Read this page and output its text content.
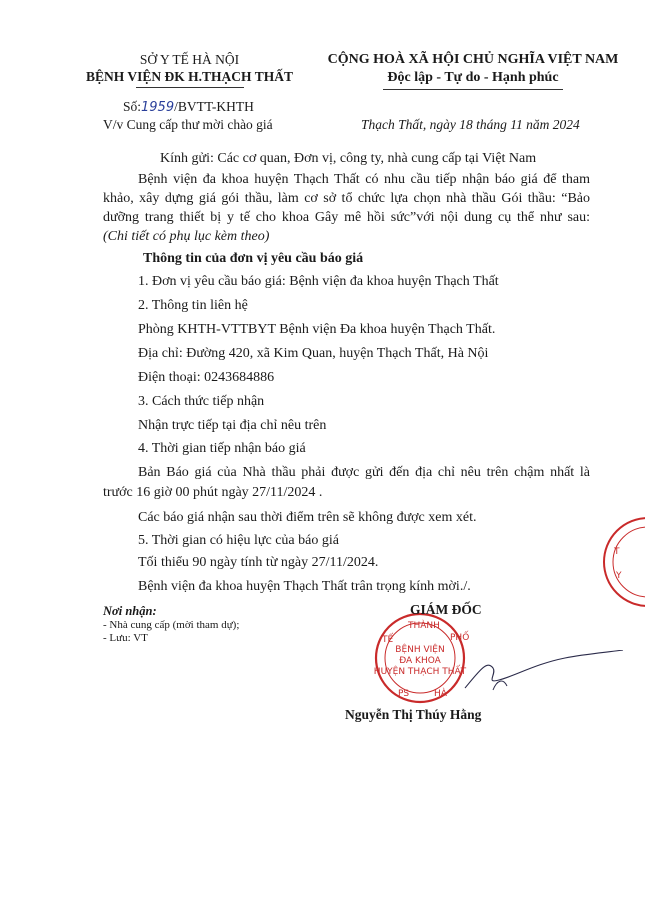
SỞ Y TẾ HÀ NỘI
BỆNH VIỆN ĐK H.THẠCH THẤT
CỘNG HOÀ XÃ HỘI CHỦ NGHĨA VIỆT NAM
Độc lập - Tự do - Hạnh phúc
Số:1959/BVTT-KHTH
V/v Cung cấp thư mời chào giá	Thạch Thất, ngày 18 tháng 11 năm 2024
Kính gửi: Các cơ quan, Đơn vị, công ty, nhà cung cấp tại Việt Nam
Bệnh viện đa khoa huyện Thạch Thất có nhu cầu tiếp nhận báo giá để tham
khảo, xây dựng giá gói thầu, làm cơ sở tổ chức lựa chọn nhà thầu Gói thầu: “Bảo
dưỡng trang thiết bị y tế cho khoa Gây mê hồi sức”với nội dung cụ thể như sau:
(Chi tiết có phụ lục kèm theo)
Thông tin của đơn vị yêu cầu báo giá
1. Đơn vị yêu cầu báo giá: Bệnh viện đa khoa huyện Thạch Thất
2. Thông tin liên hệ
Phòng KHTH-VTTBYT Bệnh viện Đa khoa huyện Thạch Thất.
Địa chỉ: Đường 420, xã Kim Quan, huyện Thạch Thất, Hà Nội
Điện thoại: 0243684886
3. Cách thức tiếp nhận
Nhận trực tiếp tại địa chỉ nêu trên
4. Thời gian tiếp nhận báo giá
Bản Báo giá của Nhà thầu phải được gửi đến địa chỉ nêu trên chậm nhất là
trước 16 giờ 00 phút ngày 27/11/2024 .
Các báo giá nhận sau thời điểm trên sẽ không được xem xét.
5. Thời gian có hiệu lực của báo giá
Tối thiểu 90 ngày tính từ ngày 27/11/2024.
Bệnh viện đa khoa huyện Thạch Thất trân trọng kính mời./.
Nơi nhận:
- Nhà cung cấp (mời tham dự);
- Lưu: VT
T
Y
THÀNH
TẾ	PHỐ
PS	HÀ
BỆNH VIỆN
ĐA KHOA
HUYỆN THẠCH THẤT
GIÁM ĐỐC
Nguyễn Thị Thúy Hằng
